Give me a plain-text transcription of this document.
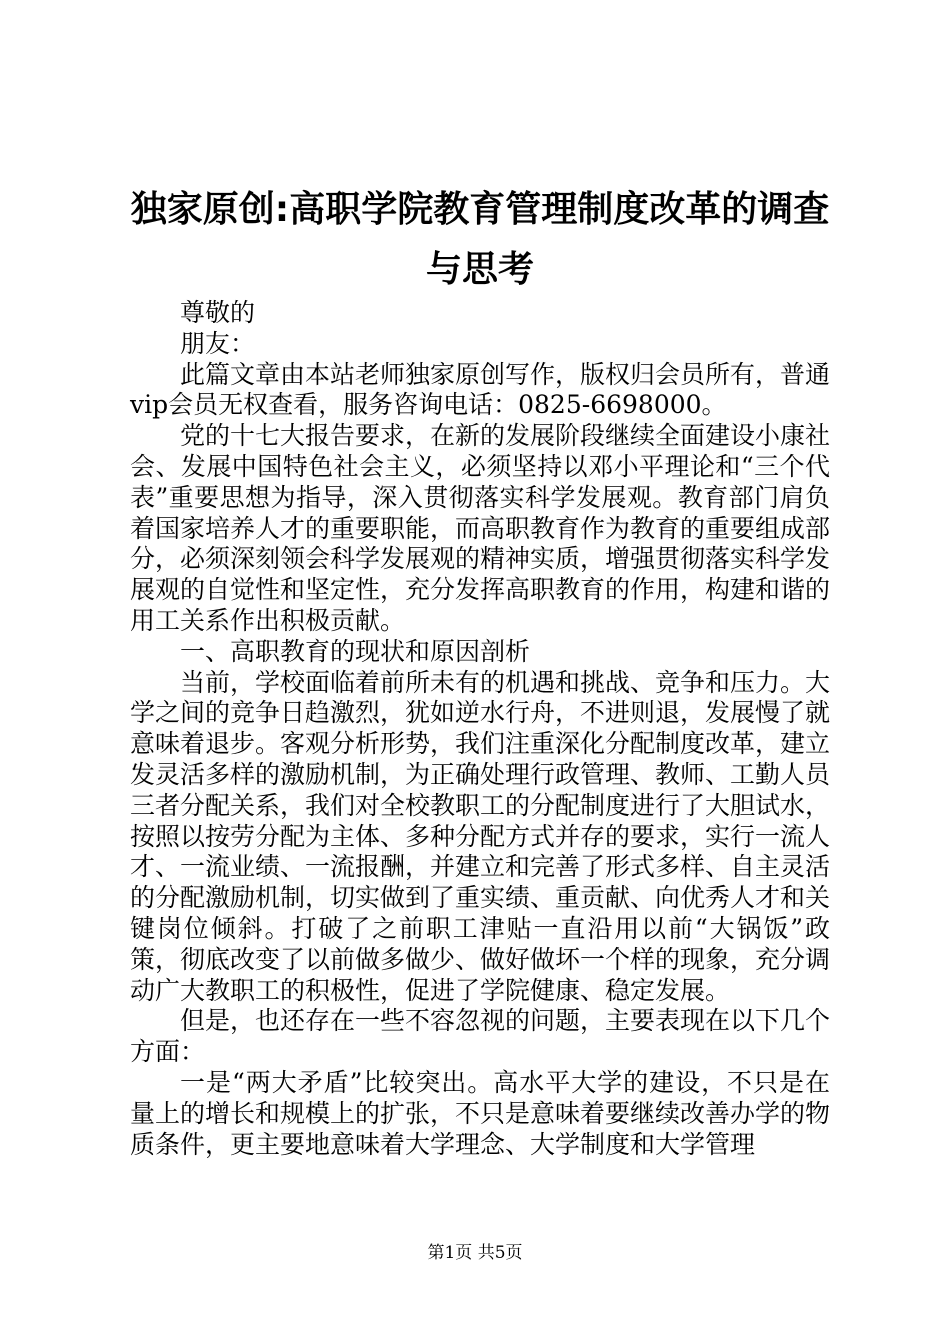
独家原创:高职学院教育管理制度改革的调查
与思考

尊敬的

朋友：

此篇文章由本站老师独家原创写作，版权归会员所有，普通vip会员无权查看，服务咨询电话：0825-6698000。

党的十七大报告要求，在新的发展阶段继续全面建设小康社会、发展中国特色社会主义，必须坚持以邓小平理论和“三个代表”重要思想为指导，深入贯彻落实科学发展观。教育部门肩负着国家培养人才的重要职能，而高职教育作为教育的重要组成部分，必须深刻领会科学发展观的精神实质，增强贯彻落实科学发展观的自觉性和坚定性，充分发挥高职教育的作用，构建和谐的用工关系作出积极贡献。

一、高职教育的现状和原因剖析

当前，学校面临着前所未有的机遇和挑战、竞争和压力。大学之间的竞争日趋激烈，犹如逆水行舟，不进则退，发展慢了就意味着退步。客观分析形势，我们注重深化分配制度改革，建立发灵活多样的激励机制，为正确处理行政管理、教师、工勤人员三者分配关系，我们对全校教职工的分配制度进行了大胆试水，按照以按劳分配为主体、多种分配方式并存的要求，实行一流人才、一流业绩、一流报酬，并建立和完善了形式多样、自主灵活的分配激励机制，切实做到了重实绩、重贡献、向优秀人才和关键岗位倾斜。打破了之前职工津贴一直沿用以前“大锅饭”政策，彻底改变了以前做多做少、做好做坏一个样的现象，充分调动广大教职工的积极性，促进了学院健康、稳定发展。

但是，也还存在一些不容忽视的问题，主要表现在以下几个方面：

一是“两大矛盾”比较突出。高水平大学的建设，不只是在量上的增长和规模上的扩张，不只是意味着要继续改善办学的物质条件，更主要地意味着大学理念、大学制度和大学管理

第1页 共5页
